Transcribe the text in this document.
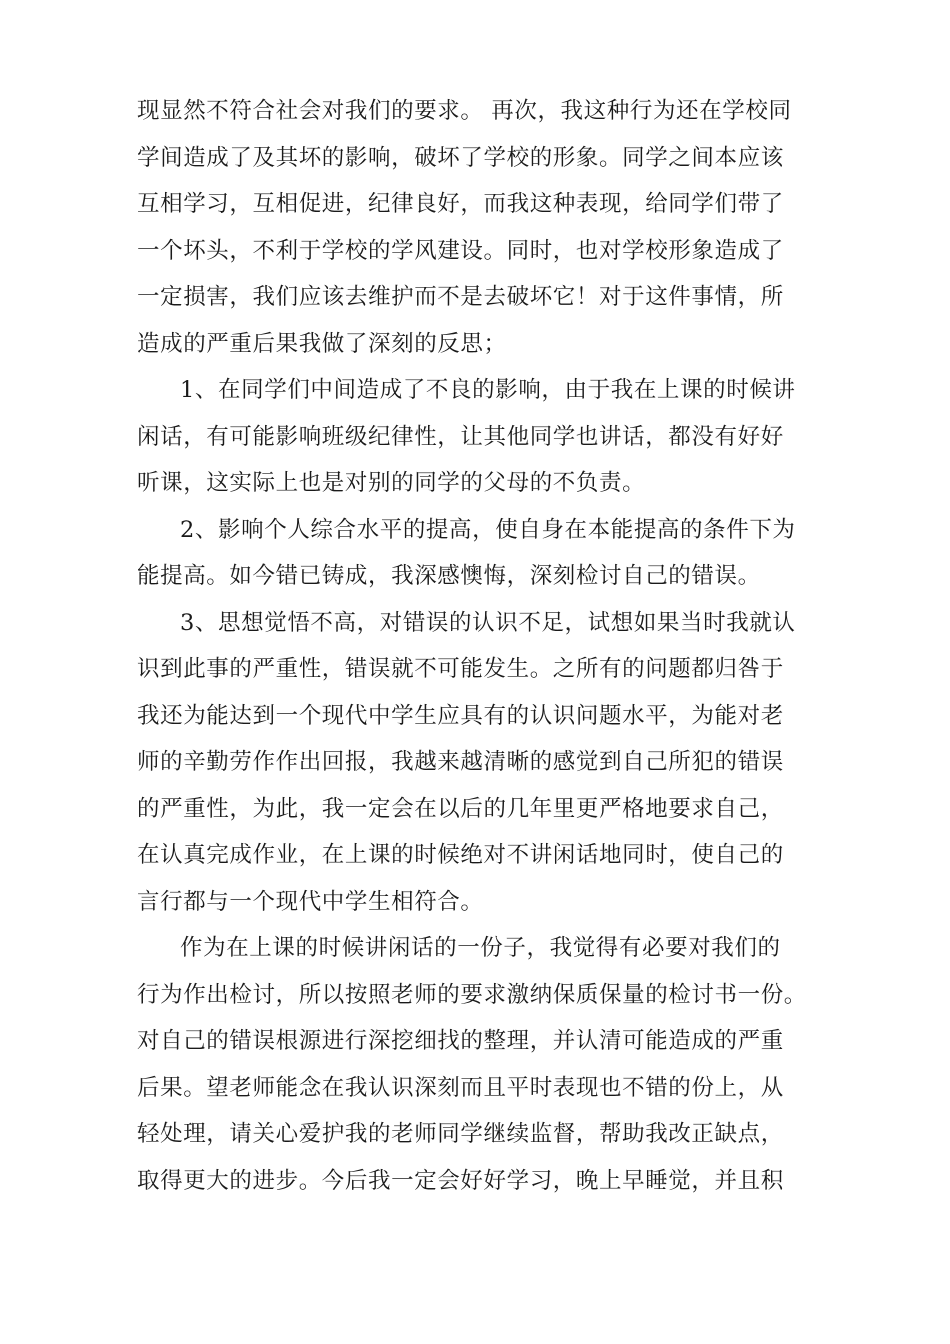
现显然不符合社会对我们的要求。 再次，我这种行为还在学校同
学间造成了及其坏的影响，破坏了学校的形象。同学之间本应该
互相学习，互相促进，纪律良好，而我这种表现，给同学们带了
一个坏头，不利于学校的学风建设。同时，也对学校形象造成了
一定损害，我们应该去维护而不是去破坏它！对于这件事情，所
造成的严重后果我做了深刻的反思；
1、在同学们中间造成了不良的影响，由于我在上课的时候讲
闲话，有可能影响班级纪律性，让其他同学也讲话，都没有好好
听课，这实际上也是对别的同学的父母的不负责。
2、影响个人综合水平的提高，使自身在本能提高的条件下为
能提高。如今错已铸成，我深感懊悔，深刻检讨自己的错误。
3、思想觉悟不高，对错误的认识不足，试想如果当时我就认
识到此事的严重性，错误就不可能发生。之所有的问题都归咎于
我还为能达到一个现代中学生应具有的认识问题水平，为能对老
师的辛勤劳作作出回报，我越来越清晰的感觉到自己所犯的错误
的严重性，为此，我一定会在以后的几年里更严格地要求自己，
在认真完成作业，在上课的时候绝对不讲闲话地同时，使自己的
言行都与一个现代中学生相符合。
作为在上课的时候讲闲话的一份子，我觉得有必要对我们的
行为作出检讨，所以按照老师的要求激纳保质保量的检讨书一份。
对自己的错误根源进行深挖细找的整理，并认清可能造成的严重
后果。望老师能念在我认识深刻而且平时表现也不错的份上，从
轻处理，请关心爱护我的老师同学继续监督，帮助我改正缺点，
取得更大的进步。今后我一定会好好学习，晚上早睡觉，并且积
